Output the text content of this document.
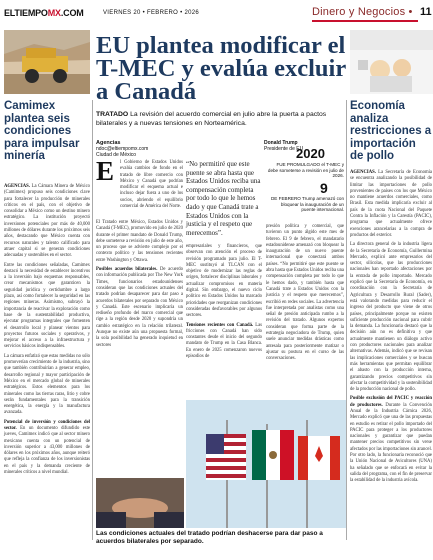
ELTIEMPOMX.COM	VIERNES 20 • FEBRERO • 2026	Dinero y Negocios • 11
EU plantea modificar el T-MEC y evalúa excluir a Canadá
TRATADO La revisión del acuerdo comercial en julio abre la puerta a pactos bilaterales y a nuevas tensiones en Norteamérica.
Camimex plantea seis condiciones para impulsar minería

AGENCIAS. La Cámara Minera de México (Camimex) propuso seis condiciones clave para fortalecer la producción de minerales críticos en el país, con el objetivo de consolidar a México como un destino minero estratégico. La institución proyectó inversiones potenciales por más de 40,000 millones de dólares durante los próximos seis años, destacando que México cuenta con recursos naturales y talento calificado para atraer capital si se generan condiciones adecuadas y sostenibles en el sector.

Entre las condiciones señaladas, Camimex destacó la necesidad de establecer incentivos a la inversión bajo esquemas responsables, crear mecanismos que garanticen la seguridad jurídica y certidumbre a largo plazo, así como fortalecer la seguridad en las regiones mineras. Asimismo, subrayó la importancia de reactivar la exploración como base de la sustentabilidad productiva, ejecutar programas integrales que fomenten el desarrollo local y planear vientos para proyectos futuros sociales y operativos, y mejorar el acceso a la infraestructura y servicios básicos indispensables.

La cámara enfatizó que estas medidas no sólo promoverían crecimiento de la industria, sino que también contribuirían a generar empleo, desarrollo regional y mayor participación de México en el mercado global de minerales estratégicos. Estos elementos para los minerales como las tierras raras, litio y cobre serán fundamentales para la transición energética, la energía y la manufactura avanzada.

Potencial de inversión y condiciones del sector. En un documento difundido este jueves, Camimex indicó que al sector minero mexicano cuenta con un potencial de inversión superior a 43,000 millones de dólares en los próximos años, aunque reiteró que refleja la confianza de los inversionistas en el país y la demanda creciente de minerales críticos a nivel mundial.

Agencias
ndoc@eltiempomx.com
Ciudad de México
E l Gobierno de Estados Unidos evalúa cambios de fondo en el tratado de libre comercio con México y Canadá que podrían modificar el esquema actual e incluso dejar fuera a uno de los socios, abriendo el equilibrio comercial de América del Norte.

El Tratado entre México, Estados Unidos y Canadá (T-MEC), promovido en julio de 2020 durante el primer mandato de Donald Trump, debe someterse a revisión en julio de este año, un proceso que se advierte complejo por el contexto político y las tensiones recientes entre Washington y Ottawa.

Posibles acuerdos bilaterales. De acuerdo con información publicada por The New York Times, funcionarios estadounidenses consideran que las condiciones actuales del tratado podrían desaparecer para dar paso a acuerdos bilaterales por separado con México y Canadá. Este escenario implicaría un rediseño profundo del marco comercial que rige a la región desde 2020 y supondría un cambio estratégico en la relación trilateral. Aunque no existe aún una propuesta formal, la sola posibilidad ha generado inquietud en sectores

“No permitiré que este puente se abra hasta que Estados Unidos reciba una compensación completa por todo lo que le hemos dado y que Canadá trate a Estados Unidos con la justicia y el respeto que merecemos”.
Donald Trump
Presidente de EU

empresariales y financieros, que observan con atención el proceso de revisión programado para julio. El T-MEC sustituyó al TLCAN con el objetivo de modernizar las reglas de origen, fortalecer disciplinas laborales y actualizar compromisos en materia digital. Sin embargo, el nuevo ciclo político en Estados Unidos ha marcado prioridades que reorganizan condiciones consideradas desfavorables por algunos sectores.

Tensiones recientes con Canadá. Las fricciones con Canadá han sido constantes desde el inicio del segundo mandato de Trump en la Casa Blanca. En enero de 2025 comenzaron nuevos episodios de

2020
FUE PROMULGADO el T-MEC y debe someterse a revisión en julio de 2026.
9
DE FEBRERO Trump amenazó con bloquear la inauguración de un puente internacional.

presión política y comercial, que tuvieron un punto álgido este mes de febrero. El 9 de febrero, el mandatario estadounidense amenazó con bloquear la inauguración de un nuevo puente internacional que conectará ambos países. “No permitiré que este puente se abra hasta que Estados Unidos reciba una compensación completa por todo lo que le hemos dado, y también hasta que Canadá trate a Estados Unidos con la justicia y el respeto que merecemos”, escribió en redes sociales. La advertencia fue interpretada por analistas como una señal de presión anticipada rumbo a la revisión del tratado. Algunos expertos consideran que forma parte de la estrategia negociadora de Trump, quien suele anunciar medidas drásticas como antesala para posteriormente matizar o ajustar su postura en el curso de las conversaciones.

Las condiciones actuales del tratado podrían deshacerse para dar paso a acuerdos bilaterales por separado.
Economía analiza restricciones a importación de pollo

AGENCIAS. La Secretaría de Economía se encuentra analizando la posibilidad de limitar las importaciones de pollo provenientes de países con los que México no mantiene acuerdos comerciales, como Brasil. Esta medida implicaría excluir al país de la cuota Nacional del Paquete Contra la Inflación y la Carestía (PACIC), programa que actualmente ofrece exenciones arancelarias a la compra de productos del exterior.

La directora general de la industria ligera de la Secretaría de Economía, Guillermina Mercado, explicó ante empresarios del sector, silicolas, que las producciones nacionales han reportado afectaciones por la entrada de pollo importado. Mercado explicó que la Secretaría de Economía, en coordinación con la Secretaría de Agricultura y Desarrollo Rural (Sader), está valorando medidas para reducir el ingreso del producto que viene de otros países, principalmente porque no existen suficiente producción nacional para cubrir la demanda. La funcionaria destacó que la decisión aún no es definitiva y que actualmente mantienen un diálogo activo con productores nacionales para analizar alternativas. Además, indicó que se revisan las implicaciones comerciales y se buscan más herramientas que permitan equilibrar el abasto con la producción interna, garantizando precios competitivos sin afectar la competitividad y la sostenibilidad de la producción nacional de pollo.

Posible exclusión del PACIC y reacción de productores. Durante la Convención Anual de la Industria Cárnica 2026, Mercado explicó que una de las propuestas en estudio es retirar el pollo importado del PACIC para proteger a los productores nacionales y garantizar que puedan mantener precios competitivos sin verse afectados por las importaciones sin arancel. Por otro lado, la funcionaria reconoció que la Unión Nacional de Avicultores (UNA) ha señalado que se enfocará en evitar la salida del programa, con el fin de preservar la estabilidad de la industria avícola.
